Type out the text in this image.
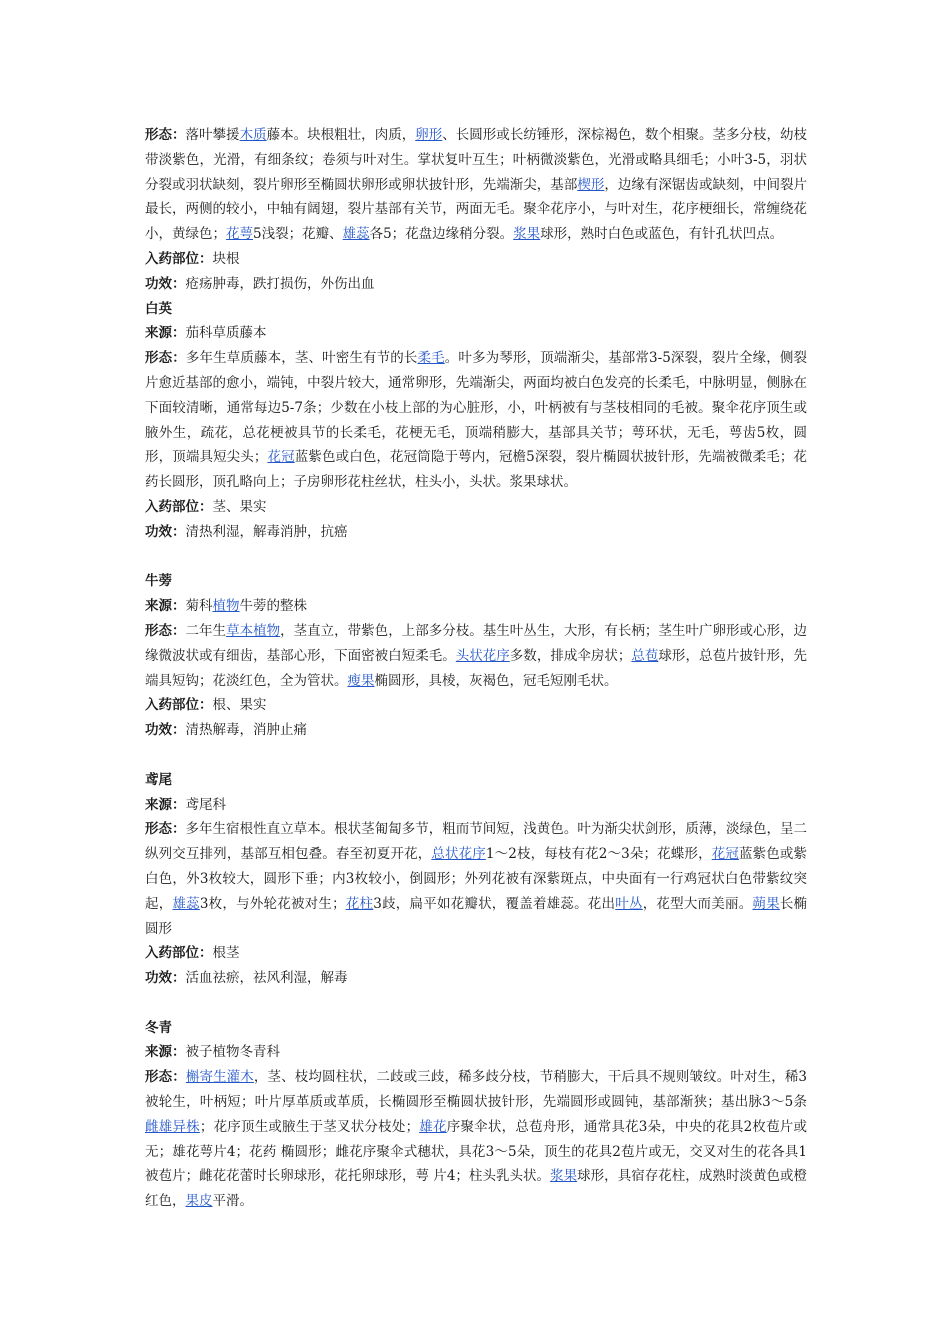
形态：落叶攀援木质藤本。块根粗壮，肉质，卵形、长圆形或长纺锤形，深棕褐色，数个相聚。茎多分枝，幼枝带淡紫色，光滑，有细条纹；卷须与叶对生。掌状复叶互生；叶柄微淡紫色，光滑或略具细毛；小叶3-5，羽状分裂或羽状缺刻，裂片卵形至椭圆状卵形或卵状披针形，先端渐尖，基部楔形，边缘有深锯齿或缺刻，中间裂片最长，两侧的较小，中轴有阔翅，裂片基部有关节，两面无毛。聚伞花序小，与叶对生，花序梗细长，常缠绕花小，黄绿色；花萼5浅裂；花瓣、雄蕊各5；花盘边缘稍分裂。浆果球形，熟时白色或蓝色，有针孔状凹点。

入药部位：块根

功效：疮疡肿毒，跌打损伤，外伤出血

白英

来源：茄科草质藤本

形态：多年生草质藤本，茎、叶密生有节的长柔毛。叶多为琴形，顶端渐尖，基部常3-5深裂，裂片全缘，侧裂片愈近基部的愈小，端钝，中裂片较大，通常卵形，先端渐尖，两面均被白色发亮的长柔毛，中脉明显，侧脉在下面较清晰，通常每边5-7条；少数在小枝上部的为心脏形，小，叶柄被有与茎枝相同的毛被。聚伞花序顶生或腋外生，疏花，总花梗被具节的长柔毛，花梗无毛，顶端稍膨大，基部具关节；萼环状，无毛，萼齿5枚，圆形，顶端具短尖头；花冠蓝紫色或白色，花冠筒隐于萼内，冠檐5深裂，裂片椭圆状披针形，先端被微柔毛；花药长圆形，顶孔略向上；子房卵形花柱丝状，柱头小，头状。浆果球状。

入药部位：茎、果实

功效：清热利湿，解毒消肿，抗癌

牛蒡

来源：菊科植物牛蒡的整株

形态：二年生草本植物，茎直立，带紫色，上部多分枝。基生叶丛生，大形，有长柄；茎生叶广卵形或心形，边缘微波状或有细齿，基部心形，下面密被白短柔毛。头状花序多数，排成伞房状；总苞球形，总苞片披针形，先端具短钩；花淡红色，全为管状。瘦果椭圆形，具棱，灰褐色，冠毛短刚毛状。

入药部位：根、果实

功效：清热解毒，消肿止痛

鸢尾

来源：鸢尾科

形态：多年生宿根性直立草本。根状茎匍匐多节，粗而节间短，浅黄色。叶为渐尖状剑形，质薄，淡绿色，呈二纵列交互排列，基部互相包叠。春至初夏开花，总状花序1～2枝，每枝有花2～3朵；花蝶形，花冠蓝紫色或紫白色，外3枚较大，圆形下垂；内3枚较小，倒圆形；外列花被有深紫斑点，中央面有一行鸡冠状白色带紫纹突起，雄蕊3枚，与外轮花被对生；花柱3歧，扁平如花瓣状，覆盖着雄蕊。花出叶丛，花型大而美丽。蒴果长椭圆形

入药部位：根茎

功效：活血祛瘀，祛风利湿，解毒

冬青

来源：被子植物冬青科

形态：槲寄生灌木，茎、枝均圆柱状，二歧或三歧，稀多歧分枝，节稍膨大，干后具不规则皱纹。叶对生，稀3被轮生，叶柄短；叶片厚革质或革质，长椭圆形至椭圆状披针形，先端圆形或圆钝，基部渐狭；基出脉3～5条雌雄异株；花序顶生或腋生于茎叉状分枝处；雄花序聚伞状，总苞舟形，通常具花3朵，中央的花具2枚苞片或无；雄花萼片4；花药 椭圆形；雌花序聚伞式穗状，具花3～5朵，顶生的花具2苞片或无，交叉对生的花各具1被苞片；雌花花蕾时长卵球形，花托卵球形，萼 片4；柱头乳头状。浆果球形，具宿存花柱，成熟时淡黄色或橙红色，果皮平滑。
